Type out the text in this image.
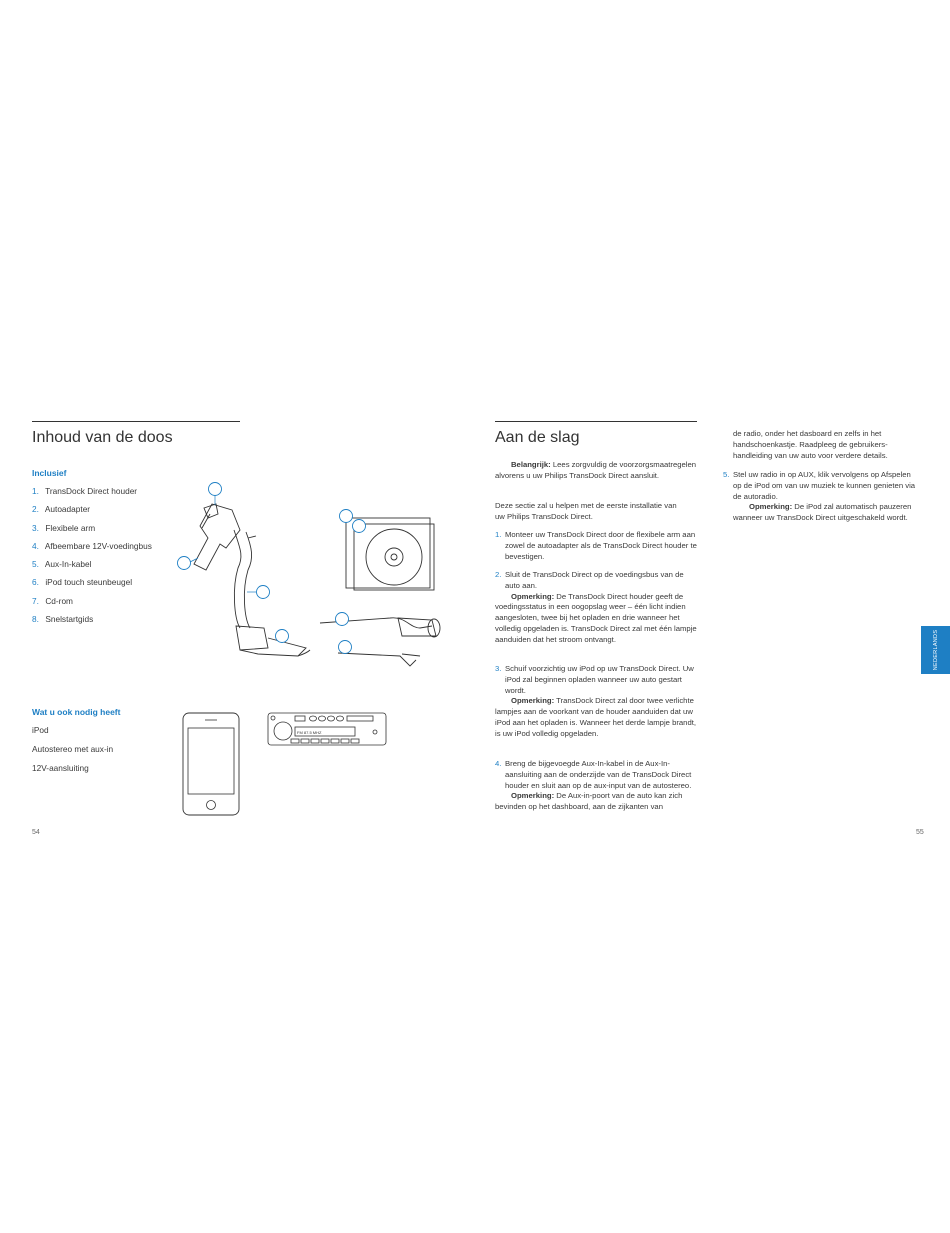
Inhoud van de doos
Inclusief
1. TransDock Direct houder
2. Autoadapter
3. Flexibele arm
4. Afbeembare 12V-voedingbus
5. Aux-In-kabel
6. iPod touch steunbeugel
7. Cd-rom
8. Snelstartgids
Wat u ook nodig heeft
iPod
Autostereo met aux-in
12V-aansluiting
FM 87.5 MHZ
54
Aan de slag

Belangrijk: Lees zorgvuldig de voorzorgsmaatregelen alvorens u uw Philips TransDock Direct aansluit.

Deze sectie zal u helpen met de eerste installatie van uw Philips TransDock Direct.
1. Monteer uw TransDock Direct door de flexibele arm aan zowel de autoadapter als de TransDock Direct houder te bevestigen.

2. Sluit de TransDock Direct op de voedingsbus van de auto aan.

Opmerking: De TransDock Direct houder geeft de voedingsstatus in een oogopslag weer – één licht indien aangesloten, twee bij het opladen en drie wanneer het volledig opgeladen is. TransDock Direct zal met één lampje aanduiden dat het stroom ontvangt.

3. Schuif voorzichtig uw iPod op uw TransDock Direct. Uw iPod zal beginnen opladen wanneer uw auto gestart wordt.

Opmerking: TransDock Direct zal door twee verlichte lampjes aan de voorkant van de houder aanduiden dat uw iPod aan het opladen is. Wanneer het derde lampje brandt, is uw iPod volledig opgeladen.

4. Breng de bijgevoegde Aux-In-kabel in de Aux-In-aansluiting aan de onderzijde van de TransDock Direct houder en sluit aan op de aux-input van de autostereo.

Opmerking: De Aux-in-poort van de auto kan zich bevinden op het dashboard, aan de zijkanten van

de radio, onder het dasboard en zelfs in het handschoenkastje. Raadpleeg de gebruikers-handleiding van uw auto voor verdere details.

5. Stel uw radio in op AUX, klik vervolgens op Afspelen op de iPod om van uw muziek te kunnen genieten via de autoradio.

Opmerking: De iPod zal automatisch pauzeren wanneer uw TransDock Direct uitgeschakeld wordt.

NEDERLANDS
55
